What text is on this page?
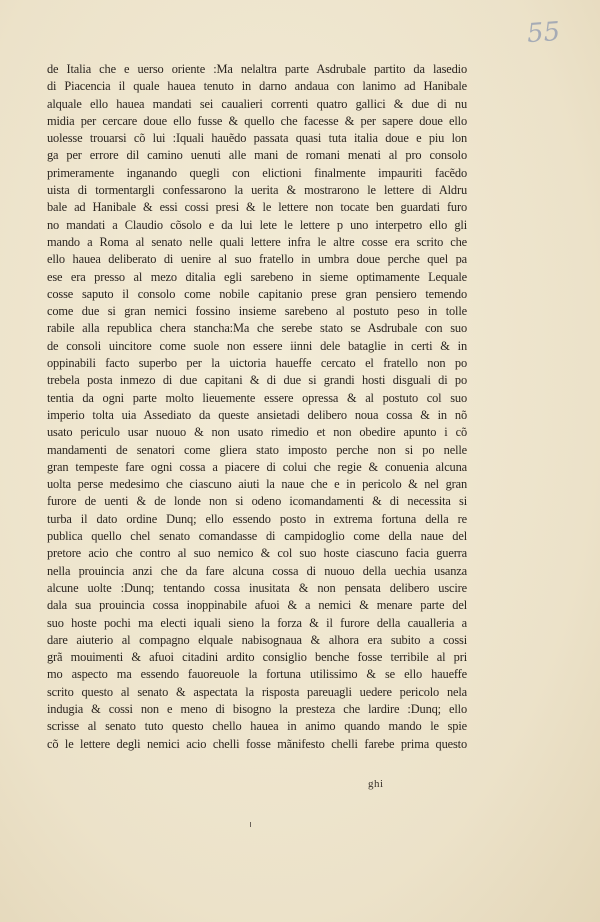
55
de Italia che e uerso oriente :Ma nelaltra parte Asdrubale partito da lasedio
di Piacencia il quale hauea tenuto in darno andaua con lanimo ad Hanibale
alquale ello hauea mandati sei caualieri correnti quatro gallici & due di nu
midia per cercare doue ello fusse & quello che facesse & per sapere doue ello
uolesse trouarsi cõ lui :Iquali hauẽdo passata quasi tuta italia doue e piu lon
ga per errore dil camino uenuti alle mani de romani menati al pro consolo
primeramente inganando quegli con elictioni finalmente impauriti facẽdo
uista di tormentargli confessarono la uerita & mostrarono le lettere di Aldru
bale ad Hanibale & essi cossi presi & le lettere non tocate ben guardati furo
no mandati a Claudio cõsolo e da lui lete le lettere p uno interpetro ello gli
mando a Roma al senato nelle quali lettere infra le altre cosse era scrito che
ello hauea deliberato di uenire al suo fratello in umbra doue perche quel pa
ese era presso al mezo ditalia egli sarebeno in sieme optimamente Lequale
cosse saputo il consolo come nobile capitanio prese gran pensiero temendo
come due si gran nemici fossino insieme sarebeno al postuto peso in tolle
rabile alla republica chera stancha:Ma che serebe stato se Asdrubale con suo
de consoli uincitore come suole non essere iinni dele bataglie in certi & in
oppinabili facto superbo per la uictoria haueffe cercato el fratello non po
trebela posta inmezo di due capitani & di due si grandi hosti disguali di po
tentia da ogni parte molto lieuemente essere opressa & al postuto col suo
imperio tolta uia Assediato da queste ansietadi delibero noua cossa & in nõ
usato periculo usar nuouo & non usato rimedio et non obedire apunto i cõ
mandamenti de senatori come gliera stato imposto perche non si po nelle
gran tempeste fare ogni cossa a piacere di colui che regie & conuenia alcuna
uolta perse medesimo che ciascuno aiuti la naue che e in pericolo & nel gran
furore de uenti & de londe non si odeno icomandamenti & di necessita si
turba il dato ordine Dunq; ello essendo posto in extrema fortuna della re
publica quello chel senato comandasse di campidoglio come della naue del
pretore acio che contro al suo nemico & col suo hoste ciascuno facia guerra
nella prouincia anzi che da fare alcuna cossa di nuouo della uechia usanza
alcune uolte :Dunq; tentando cossa inusitata & non pensata delibero uscire
dala sua prouincia cossa inoppinabile afuoi & a nemici & menare parte del
suo hoste pochi ma electi iquali sieno la forza & il furore della caualleria a
dare aiuterio al compagno elquale nabisognaua & alhora era subito a cossi
grã mouimenti & afuoi citadini ardito consiglio benche fosse terribile al pri
mo aspecto ma essendo fauoreuole la fortuna utilissimo & se ello haueffe
scrito questo al senato & aspectata la risposta pareuagli uedere pericolo nela
indugia & cossi non e meno di bisogno la presteza che lardire :Dunq; ello
scrisse al senato tuto questo chello hauea in animo quando mando le spie
cõ le lettere degli nemici acio chelli fosse mãnifesto chelli farebe prima questo
ghi
